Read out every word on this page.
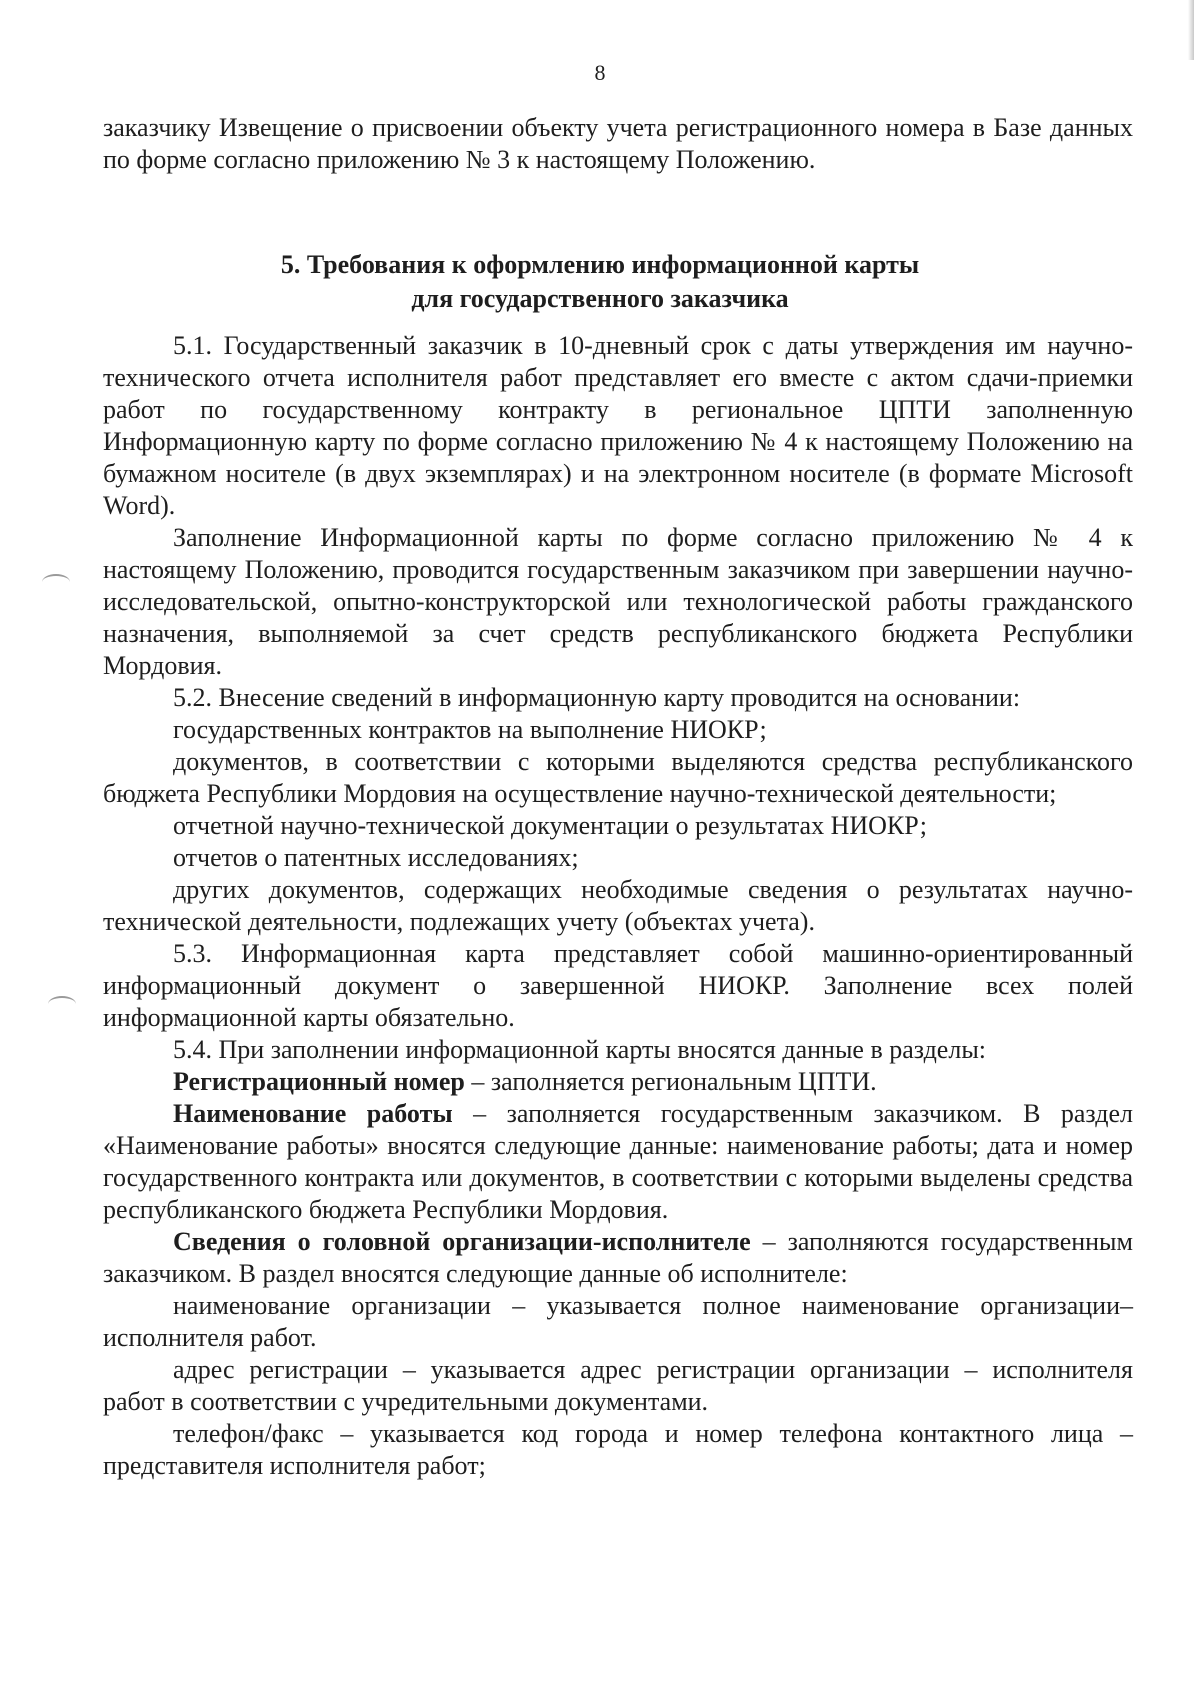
8

заказчику Извещение о присвоении объекту учета регистрационного номера в Базе данных по форме согласно приложению № 3 к настоящему Положению.

5. Требования к оформлению информационной карты
для государственного заказчика

5.1. Государственный заказчик в 10-дневный срок с даты утверждения им научно-технического отчета исполнителя работ представляет его вместе с актом сдачи-приемки работ по государственному контракту в региональное ЦПТИ заполненную Информационную карту по форме согласно приложению № 4 к настоящему Положению на бумажном носителе (в двух экземплярах) и на электронном носителе (в формате Microsoft Word).

Заполнение Информационной карты по форме согласно приложению № 4 к настоящему Положению, проводится государственным заказчиком при завершении научно-исследовательской, опытно-конструкторской или технологической работы гражданского назначения, выполняемой за счет средств республиканского бюджета Республики Мордовия.

5.2. Внесение сведений в информационную карту проводится на основании:

государственных контрактов на выполнение НИОКР;

документов, в соответствии с которыми выделяются средства республиканского бюджета Республики Мордовия на осуществление научно-технической деятельности;

отчетной научно-технической документации о результатах НИОКР;

отчетов о патентных исследованиях;

других документов, содержащих необходимые сведения о результатах научно-технической деятельности, подлежащих учету (объектах учета).

5.3. Информационная карта представляет собой машинно-ориентированный информационный документ о завершенной НИОКР. Заполнение всех полей информационной карты обязательно.

5.4. При заполнении информационной карты вносятся данные в разделы:

Регистрационный номер – заполняется региональным ЦПТИ.

Наименование работы – заполняется государственным заказчиком. В раздел «Наименование работы» вносятся следующие данные: наименование работы; дата и номер государственного контракта или документов, в соответствии с которыми выделены средства республиканского бюджета Республики Мордовия.

Сведения о головной организации-исполнителе – заполняются государственным заказчиком. В раздел вносятся следующие данные об исполнителе:

наименование организации – указывается полное наименование организации– исполнителя работ.

адрес регистрации – указывается адрес регистрации организации – исполнителя работ в соответствии с учредительными документами.

телефон/факс – указывается код города и номер телефона контактного лица – представителя исполнителя работ;
